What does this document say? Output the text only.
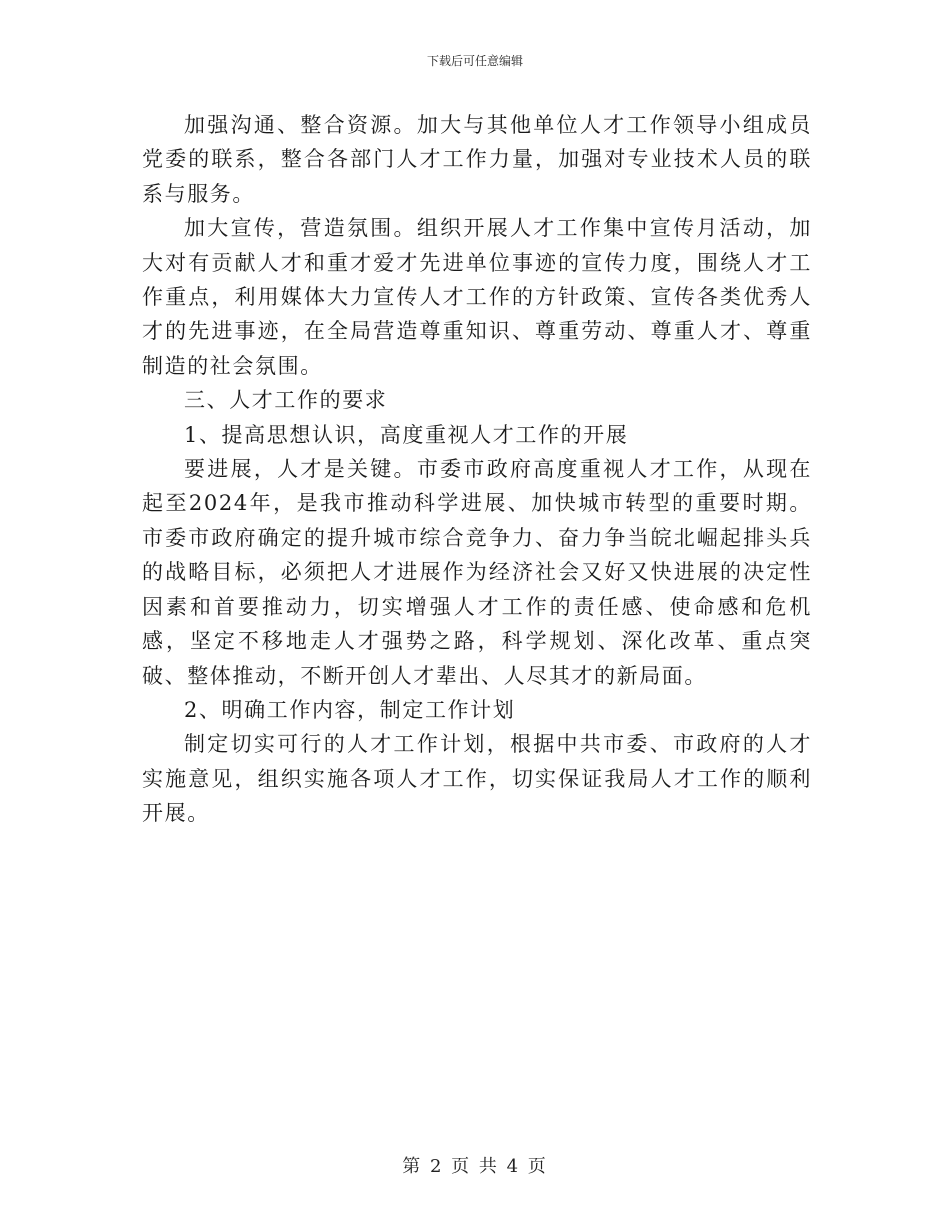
下载后可任意编辑

加强沟通、整合资源。加大与其他单位人才工作领导小组成员党委的联系，整合各部门人才工作力量，加强对专业技术人员的联系与服务。

加大宣传，营造氛围。组织开展人才工作集中宣传月活动，加大对有贡献人才和重才爱才先进单位事迹的宣传力度，围绕人才工作重点，利用媒体大力宣传人才工作的方针政策、宣传各类优秀人才的先进事迹，在全局营造尊重知识、尊重劳动、尊重人才、尊重制造的社会氛围。

三、人才工作的要求

1、提高思想认识，高度重视人才工作的开展

要进展，人才是关键。市委市政府高度重视人才工作，从现在起至2024年，是我市推动科学进展、加快城市转型的重要时期。市委市政府确定的提升城市综合竞争力、奋力争当皖北崛起排头兵的战略目标，必须把人才进展作为经济社会又好又快进展的决定性因素和首要推动力，切实增强人才工作的责任感、使命感和危机感，坚定不移地走人才强势之路，科学规划、深化改革、重点突破、整体推动，不断开创人才辈出、人尽其才的新局面。

2、明确工作内容，制定工作计划

制定切实可行的人才工作计划，根据中共市委、市政府的人才实施意见，组织实施各项人才工作，切实保证我局人才工作的顺利开展。

第 2 页 共 4 页
